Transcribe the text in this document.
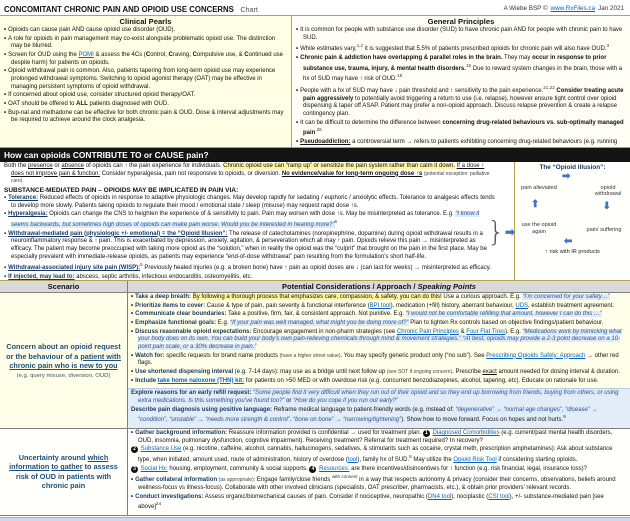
CONCOMITANT CHRONIC PAIN AND OPIOID USE CONCERNS Chart	A Wiebe BSP © www.RxFiles.ca Jan 2021
Clinical Pearls
• Opioids can cause pain AND cause opioid use disorder (OUD).
• A role for opioids in pain management may co-exist alongside problematic opioid use. The distinction may be blurred.
• Screen for OUD using the POMI & assess the 4Cs (Control, Craving, Compulsive use, & Continued use despite harm) for patients on opioids.
• Opioid withdrawal pain is common. Also, patients tapering from long-term opioid use may experience prolonged withdrawal symptoms. Switching to opioid agonist therapy (OAT) may be effective in managing persistent symptoms of opioid withdrawal.
• If concerned about opioid use, consider structured opioid therapy/OAT.
• OAT should be offered to ALL patients diagnosed with OUD.
• Bup-nal and methadone can be effective for both chronic pain & OUD. Dose & interval adjustments may be required to achieve around the clock analgesia.
General Principles
• It is common for people with substance use disorder (SUD) to have chronic pain AND for people with chronic pain to have SUD.
• While estimates vary,$^{1,2}$ it is suggested that 5.5% of patients prescribed opioids for chronic pain will also have OUD.$^3$
• Chronic pain & addiction have overlapping & parallel roles in the brain. They may occur in response to prior substance use, trauma, injury, & mental health disorders.$^{15}$ Due to reward system changes in the brain, those with a hx of SUD may have ↑ risk of OUD.$^{19}$
• People with a hx of SUD may have ↓ pain threshold and ↑ sensitivity to the pain experience.$^{21,22}$ Consider treating acute pain aggressively to potentially avoid triggering a return to use (i.e. relapse), however ensure tight control over opioid dispensing & taper off ASAP. Patient may prefer a non-opioid approach. Discuss relapse prevention & create a relapse contingency plan.
• It can be difficult to determine the difference between concerning drug-related behaviours vs. sub-optimally managed pain$^{.26}$
• Pseudoaddiction: a controversial term → refers to patients exhibiting concerning drug-related behaviours (e.g. running
How can opioids CONTRIBUTE TO or CAUSE pain?
Both the presence or absence of opioids can ↑ the pain experience for individuals. Chronic opioid use can “ramp up” or sensitize the pain system rather than calm it down. If a dose ↑ does not improve pain & function: Consider hyperalgesia, pain not responsive to opioids, or diversion. No evidence/value for long-term ongoing dose ↑s (potential exception: palliative care).
SUBSTANCE-MEDIATED PAIN – OPIOIDS MAY BE IMPLICATED IN PAIN VIA:
▪ Tolerance: Reduced effects of opioids in response to adaptive physiologic changes. May develop rapidly for sedating / euphoric / anxiolytic effects. Tolerance to analgesic effects tends to develop more slowly. Patients taking opioids to regulate their mood / emotional state / sleep (misuse) may request rapid dose ↑s.
▪ Hyperalgesia: Opioids can change the CNS to heighten the experience of & sensitivity to pain. Pain may worsen with dose ↑s. May be misinterpreted as tolerance. E.g. “I know it seems backwards, but sometimes high doses of opioids can make pain worse. Would you be interested in hearing more?”$^6$
▪ Withdrawal-mediated pain (physiologic +/- emotional) = the “Opioid Illusion”: The release of catecholamines (norepinephrine, dopamine) during opioid withdrawal results in a neuroinflammatory response & ↑ pain. This is exacerbated by depression, anxiety, agitation, & perseveration which all may ↑ pain. Opioids relieve this pain → misinterpreted as efficacy. The patient may become preoccupied with taking more opioid as the “solution,” when in reality the opioid was the “culprit” that brought on the pain in the first place. May be especially prevalent with immediate-release opioids, as patients may experience “end-of-dose withdrawal” pain resulting from the formulation’s short half-life.
▪ Withdrawal-associated injury site pain (WISP):$^5$ Previously healed injuries (e.g. a broken bone) have ↑ pain as opioid doses are ↓ (can last for weeks) → misinterpreted as efficacy.
▪ If injected, may lead to: abscess, septic arthritis, infectious endocarditis, osteomyelitis, etc.
} ➡
The “Opioid Illusion”:
pain alleviated	opioid withdrawal
pain/ suffering
use the opioid again
➡
⬇
⬅
⬆
↑ risk with IR products
Scenario	Potential Considerations / Approach / Speaking Points
Concern about an opioid request or the behaviour of a patient with chronic pain who is new to you
(e.g. query misuse, diversion, OUD)
• Take a deep breath: By following a thorough process that emphasizes care, compassion, & safety, you can do this! Use a curious approach. E.g. “I’m concerned for your safety…”
• Prioritize items to cover: Cause & type of pain, pain severity & functional interference (BPI tool), medication (+fill) history, aberrant behaviour, UDS, establish treatment agreement.
• Communicate clear boundaries: Take a positive, firm, fair, & consistent approach. Not punitive. E.g. “I would not be comfortable refilling that amount, however I can do this …”
• Emphasize functional goals: E.g. “If your pain was well managed, what might you be doing more of?” Plan to tighten Rx controls based on objective findings/patient behaviour.
• Discuss reasonable opioid expectations: Encourage engagement in non-pharm strategies (see Chronic Pain Principles & Four Flat Tires). E.g. “Medications work by mimicking what your body does on its own. You can build your body’s own pain-relieving chemicals through mind & movement strategies.” “At best, opioids may provide a 2-3 point decrease on a 10-point pain scale, or a 30% decrease in pain.”
• Watch for: specific requests for brand name products (have a higher street value). You may specify generic product only (“no sub”). See Prescribing Opioids Safely: Approach → other red flags.
• Use shortened dispensing interval (e.g. 7-14 days): may use as a bridge until next follow up (see SOT if ongoing concern). Prescribe exact amount needed for dosing interval & duration.
• Include take home naloxone (THN) kit: for patients on >50 MED or with overdose risk (e.g. concurrent benzodiazepines, alcohol, tapering, etc). Educate on rationale for use.
Explore reasons for an early refill request: “Some people find it very difficult when they run out of their opioid and so they end up borrowing from friends, buying from others, or using extra medications. Is this something you’ve found too?” or “How do you cope if you run out early?”
Describe pain diagnosis using positive language: Reframe medical language to patient-friendly words (e.g. instead of: “degenerative” → “normal age changes”, “disease” → “condition”, “unstable” → “needs more strength & control”, “bone on bone” → “narrowing/tightening”). Show how to move forward. Focus on hopes and not hurts.$^9$
Uncertainty around which information to gather to assess risk of OUD in patients with chronic pain
• Gather background information: Reassure information provided is confidential → used for treatment plan. 1 Diagnosed Comorbidities (e.g. current/past mental health disorders, OUD, insomnia, pulmonary dysfunction, cognitive impairment). Receiving treatment? Referral for treatment required? In recovery?
2 Substance Use (e.g. nicotine, caffeine, alcohol, cannabis, hallucinogens, sedatives, & stimulants such as cocaine, crystal meth, prescription amphetamines): Ask about substance type, when initiated, amount used, route of administration, history of overdose (tool), family hx of SUD.$^8$ May utilize the Opioid Risk Tool if considering starting opioids.
3 Social Hx: housing, employment, community & social supports. 4 Resources: are there incentives/disincentives for ↑ function (e.g. risk financial, legal, insurance loss)?
• Gather collateral information (as appropriate): Engage family/close friends $^{with consent}$ in a way that respects autonomy & privacy (consider their concerns, observations, beliefs around wellness-focus vs illness-focus). Collaborate with other involved clinicians (specialists, OAT prescriber, pharmacists, etc.), & obtain prior providers’ relevant records.
• Conduct investigations: Assess organic/biomechanical causes of pain. Consider if nociceptive, neuropathic (DN4 tool), nociplastic (CSI tool), +/- substance-mediated pain [see above]$^{24}$
